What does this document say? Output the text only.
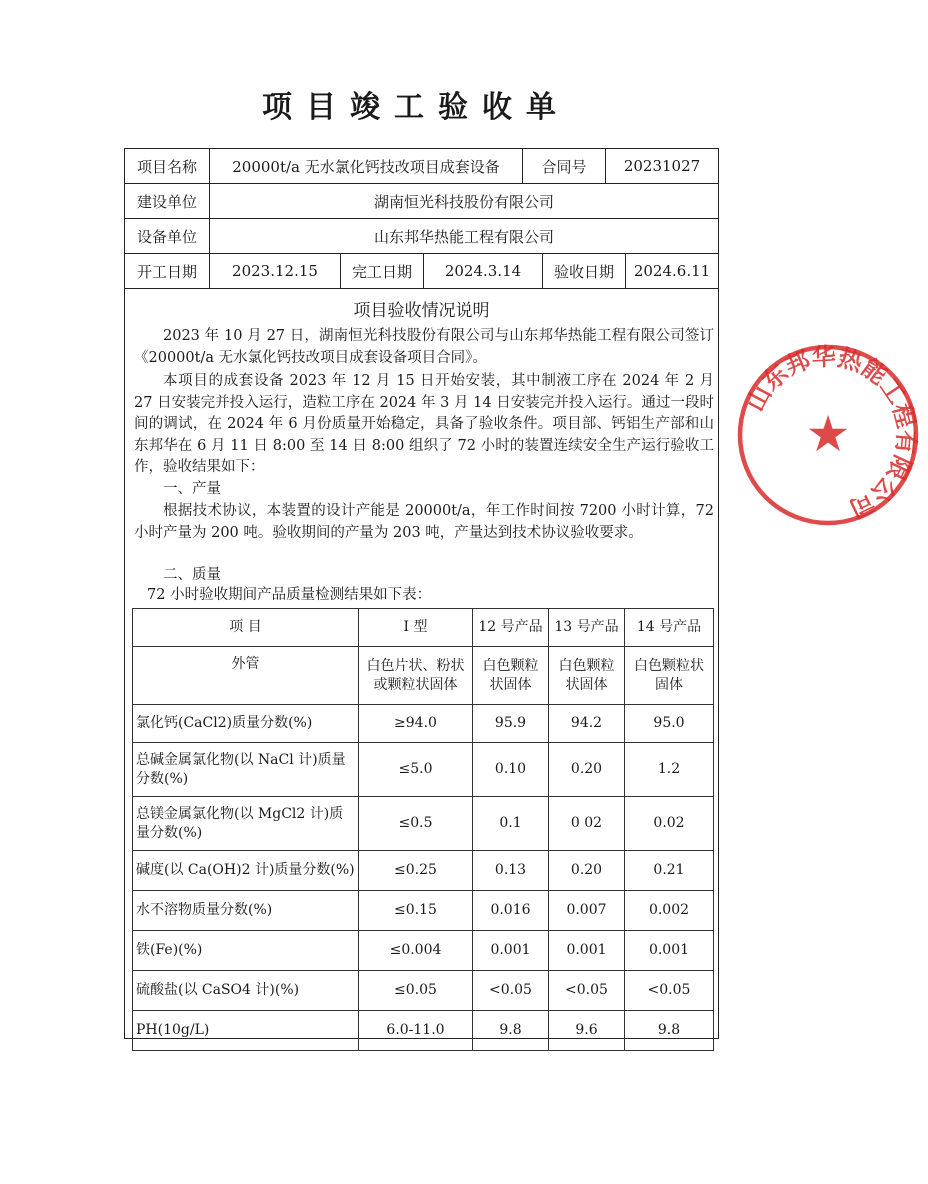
项目竣工验收单
项目名称	20000t/a 无水氯化钙技改项目成套设备	合同号	20231027
建设单位	湖南恒光科技股份有限公司
设备单位	山东邦华热能工程有限公司

开工日期	2023.12.15	完工日期	2024.3.14	验收日期	2024.6.11
项目验收情况说明
2023 年 10 月 27 日，湖南恒光科技股份有限公司与山东邦华热能工程有限公司签订《20000t/a 无水氯化钙技改项目成套设备项目合同》。
本项目的成套设备 2023 年 12 月 15 日开始安装，其中制液工序在 2024 年 2 月 27 日安装完并投入运行，造粒工序在 2024 年 3 月 14 日安装完并投入运行。通过一段时间的调试，在 2024 年 6 月份质量开始稳定，具备了验收条件。项目部、钙铝生产部和山东邦华在 6 月 11 日 8:00 至 14 日 8:00 组织了 72 小时的装置连续安全生产运行验收工作，验收结果如下：
一、产量
根据技术协议，本装置的设计产能是 20000t/a，年工作时间按 7200 小时计算，72 小时产量为 200 吨。验收期间的产量为 203 吨，产量达到技术协议验收要求。
二、质量
72 小时验收期间产品质量检测结果如下表：
项 目	I 型	12 号产品	13 号产品	14 号产品
外管	白色片状、粉状或颗粒状固体	白色颗粒状固体	白色颗粒状固体	白色颗粒状固体
氯化钙(CaCl2)质量分数(%)	≥94.0	95.9	94.2	95.0
总碱金属氯化物(以 NaCl 计)质量分数(%)	≤5.0	0.10	0.20	1.2
总镁金属氯化物(以 MgCl2 计)质量分数(%)	≤0.5	0.1	0 02	0.02
碱度(以 Ca(OH)2 计)质量分数(%)	≤0.25	0.13	0.20	0.21
水不溶物质量分数(%)	≤0.15	0.016	0.007	0.002
铁(Fe)(%)	≤0.004	0.001	0.001	0.001
硫酸盐(以 CaSO4 计)(%)	≤0.05	<0.05	<0.05	<0.05
PH(10g/L)	6.0-11.0	9.8	9.6	9.8
山东邦华热能工程有限公司
★
